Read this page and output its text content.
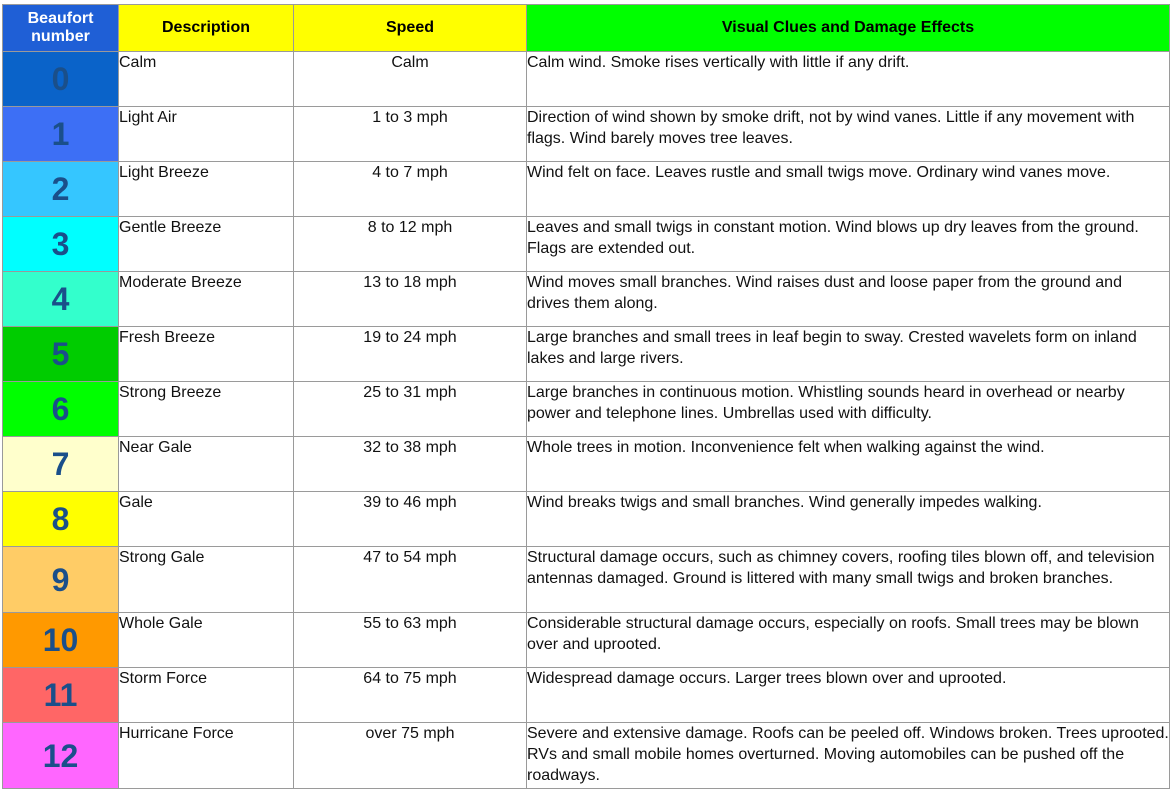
Beaufort number	Description	Speed	Visual Clues and Damage Effects
0	Calm	Calm	Calm wind. Smoke rises vertically with little if any drift.
1	Light Air	1 to 3 mph	Direction of wind shown by smoke drift, not by wind vanes. Little if any movement with flags. Wind barely moves tree leaves.
2	Light Breeze	4 to 7 mph	Wind felt on face. Leaves rustle and small twigs move. Ordinary wind vanes move.
3	Gentle Breeze	8 to 12 mph	Leaves and small twigs in constant motion. Wind blows up dry leaves from the ground. Flags are extended out.
4	Moderate Breeze	13 to 18 mph	Wind moves small branches. Wind raises dust and loose paper from the ground and drives them along.
5	Fresh Breeze	19 to 24 mph	Large branches and small trees in leaf begin to sway. Crested wavelets form on inland lakes and large rivers.
6	Strong Breeze	25 to 31 mph	Large branches in continuous motion. Whistling sounds heard in overhead or nearby power and telephone lines. Umbrellas used with difficulty.
7	Near Gale	32 to 38 mph	Whole trees in motion. Inconvenience felt when walking against the wind.
8	Gale	39 to 46 mph	Wind breaks twigs and small branches. Wind generally impedes walking.
9	Strong Gale	47 to 54 mph	Structural damage occurs, such as chimney covers, roofing tiles blown off, and television antennas damaged. Ground is littered with many small twigs and broken branches.
10	Whole Gale	55 to 63 mph	Considerable structural damage occurs, especially on roofs. Small trees may be blown over and uprooted.
11	Storm Force	64 to 75 mph	Widespread damage occurs. Larger trees blown over and uprooted.
12	Hurricane Force	over 75 mph	Severe and extensive damage. Roofs can be peeled off. Windows broken. Trees uprooted. RVs and small mobile homes overturned. Moving automobiles can be pushed off the roadways.
